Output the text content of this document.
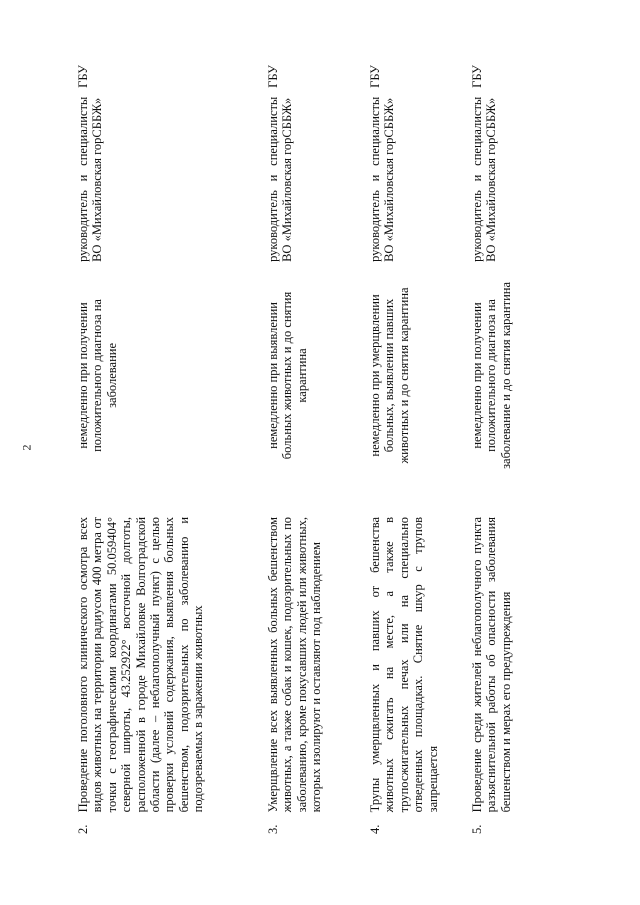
2
2.
Проведение поголовного клинического осмотра всех видов животных на территории радиусом 400 метра от точки с географическими координатами 50.059404° северной широты, 43.252922° восточной долготы, расположенной в городе Михайловке Волгоградской области (далее – неблагополучный пункт) с целью проверки условий содержания, выявления больных бешенством, подозрительных по заболеванию и подозреваемых в заражении животных
немедленно при получении положительного диагноза на заболевание
руководитель и специалисты ГБУ ВО «Михайловская горСББЖ»
3.
Умерщвление всех выявленных больных бешенством животных, а также собак и кошек, подозрительных по заболеванию, кроме покусавших людей или животных, которых изолируют и оставляют под наблюдением
немедленно при выявлении больных животных и до снятия карантина
руководитель и специалисты ГБУ ВО «Михайловская горСББЖ»
4.
Трупы умерщвленных и павших от бешенства животных сжигать на месте, а также в трупосжигательных печах или на специально отведенных площадках. Снятие шкур с трупов запрещается
немедленно при умерщвлении больных, выявлении павших животных и до снятия карантина
руководитель и специалисты ГБУ ВО «Михайловская горСББЖ»
5.
Проведение среди жителей неблагополучного пункта разъяснительной работы об опасности заболевания бешенством и мерах его предупреждения
немедленно при получении положительного диагноза на заболевание и до снятия карантина
руководитель и специалисты ГБУ ВО «Михайловская горСББЖ»
